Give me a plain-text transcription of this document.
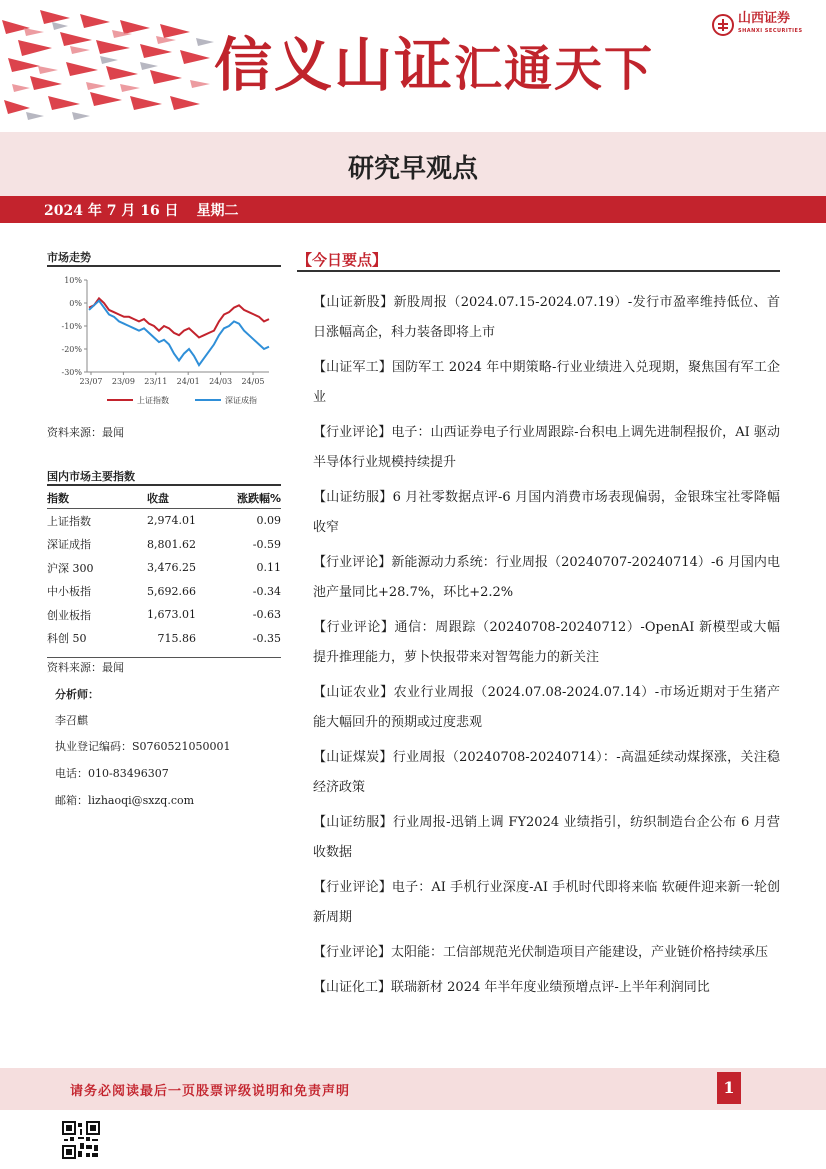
信义山证汇通天下
山西证券
SHANXI SECURITIES
研究早观点
2024 年 7 月 16 日 星期二
市场走势
10%
0%
-10%
-20%
-30%
23/07 23/09 23/11 24/01 24/03 24/05
上证指数	深证成指
资料来源：最闻
国内市场主要指数
指数	收盘	涨跌幅%
上证指数	2,974.01	0.09
深证成指	8,801.62	-0.59
沪深 300	3,476.25	0.11
中小板指	5,692.66	-0.34
创业板指	1,673.01	-0.63
科创 50	715.86	-0.35
资料来源：最闻
分析师：
李召麒
执业登记编码：S0760521050001
电话：010-83496307
邮箱：lizhaoqi@sxzq.com
【今日要点】

【山证新股】新股周报（2024.07.15-2024.07.19）-发行市盈率维持低位、首日涨幅高企，科力装备即将上市

【山证军工】国防军工 2024 年中期策略-行业业绩进入兑现期，聚焦国有军工企业

【行业评论】电子：山西证券电子行业周跟踪-台积电上调先进制程报价，AI 驱动半导体行业规模持续提升

【山证纺服】6 月社零数据点评-6 月国内消费市场表现偏弱，金银珠宝社零降幅收窄

【行业评论】新能源动力系统：行业周报（20240707-20240714）-6 月国内电池产量同比+28.7%，环比+2.2%

【行业评论】通信：周跟踪（20240708-20240712）-OpenAI 新模型或大幅提升推理能力，萝卜快报带来对智驾能力的新关注

【山证农业】农业行业周报（2024.07.08-2024.07.14）-市场近期对于生猪产能大幅回升的预期或过度悲观

【山证煤炭】行业周报（20240708-20240714）：-高温延续动煤探涨，关注稳经济政策

【山证纺服】行业周报-迅销上调 FY2024 业绩指引，纺织制造台企公布 6 月营收数据

【行业评论】电子：AI 手机行业深度-AI 手机时代即将来临 软硬件迎来新一轮创新周期

【行业评论】太阳能：工信部规范光伏制造项目产能建设，产业链价格持续承压

【山证化工】联瑞新材 2024 年半年度业绩预增点评-上半年利润同比

请务必阅读最后一页股票评级说明和免责声明	1
